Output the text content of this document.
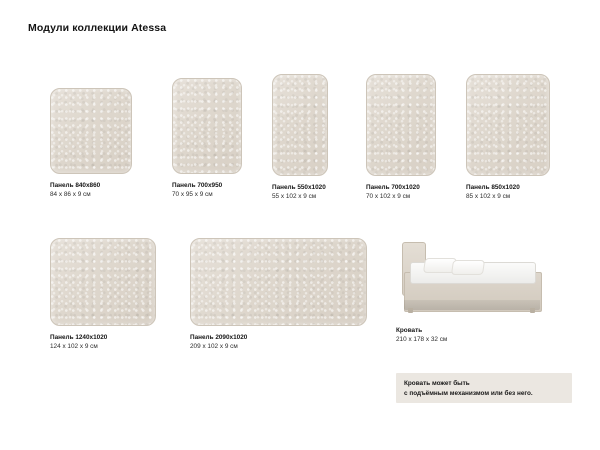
Модули коллекции Atessa
Панель 840х860
84 x 86 x 9 см
Панель 700х950
70 x 95 x 9 см
Панель 550х1020
55 x 102 x 9 см
Панель 700х1020
70 x 102 x 9 см
Панель 850х1020
85 x 102 x 9 см
Панель 1240х1020
124 x 102 x 9 см
Панель 2090х1020
209 x 102 x 9 см
Кровать
210 x 178 x 32 см
Кровать может быть
с подъёмным механизмом или без него.
